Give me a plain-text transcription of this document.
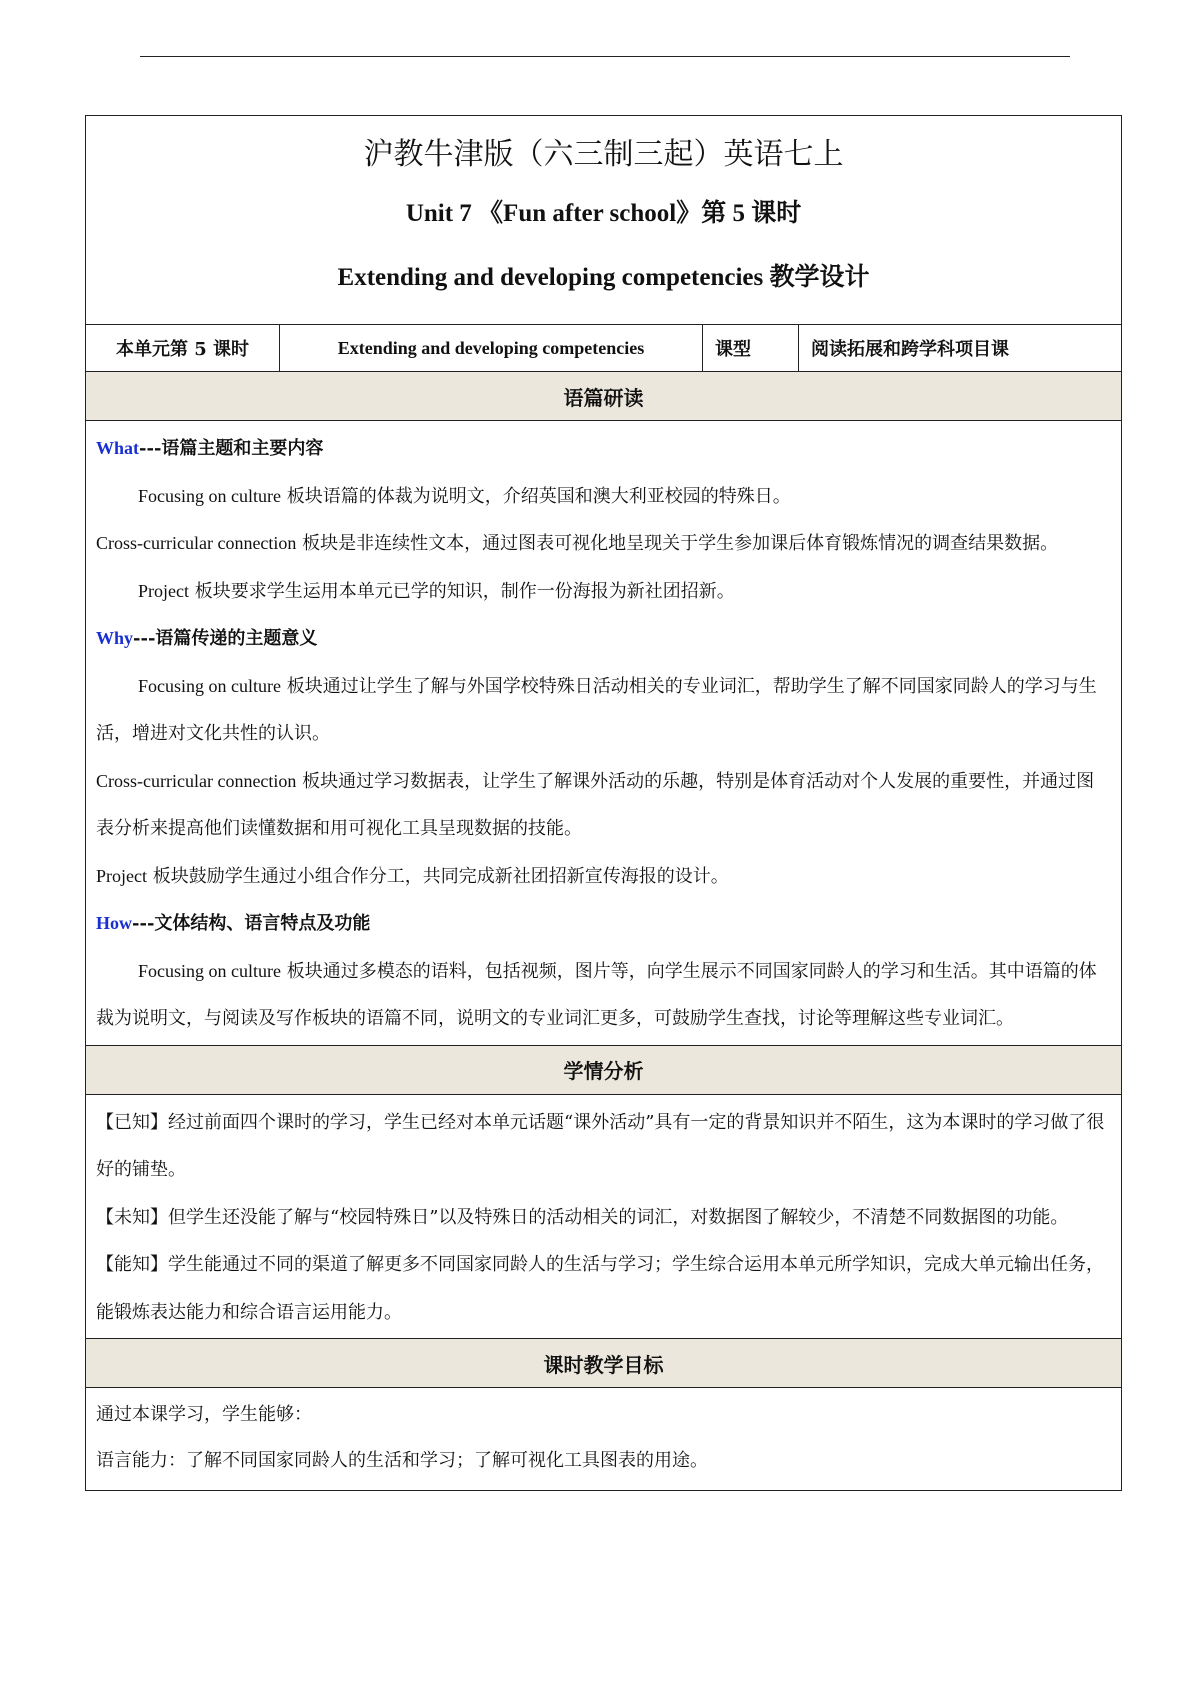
沪教牛津版（六三制三起）英语七上
Unit 7 《Fun after school》第 5 课时
Extending and developing competencies 教学设计

本单元第 5 课时	Extending and developing competencies	课型	阅读拓展和跨学科项目课
语篇研读

What---语篇主题和主要内容

Focusing on culture 板块语篇的体裁为说明文，介绍英国和澳大利亚校园的特殊日。

Cross-curricular connection 板块是非连续性文本，通过图表可视化地呈现关于学生参加课后体育锻炼情况的调查结果数据。

Project 板块要求学生运用本单元已学的知识，制作一份海报为新社团招新。

Why---语篇传递的主题意义

Focusing on culture 板块通过让学生了解与外国学校特殊日活动相关的专业词汇，帮助学生了解不同国家同龄人的学习与生活，增进对文化共性的认识。

Cross-curricular connection 板块通过学习数据表，让学生了解课外活动的乐趣，特别是体育活动对个人发展的重要性，并通过图表分析来提高他们读懂数据和用可视化工具呈现数据的技能。

Project 板块鼓励学生通过小组合作分工，共同完成新社团招新宣传海报的设计。

How---文体结构、语言特点及功能

Focusing on culture 板块通过多模态的语料，包括视频，图片等，向学生展示不同国家同龄人的学习和生活。其中语篇的体裁为说明文，与阅读及写作板块的语篇不同，说明文的专业词汇更多，可鼓励学生查找，讨论等理解这些专业词汇。

学情分析

【已知】经过前面四个课时的学习，学生已经对本单元话题“课外活动”具有一定的背景知识并不陌生，这为本课时的学习做了很好的铺垫。

【未知】但学生还没能了解与“校园特殊日”以及特殊日的活动相关的词汇，对数据图了解较少，不清楚不同数据图的功能。

【能知】学生能通过不同的渠道了解更多不同国家同龄人的生活与学习；学生综合运用本单元所学知识，完成大单元输出任务，能锻炼表达能力和综合语言运用能力。

课时教学目标

通过本课学习，学生能够：

语言能力：了解不同国家同龄人的生活和学习；了解可视化工具图表的用途。
